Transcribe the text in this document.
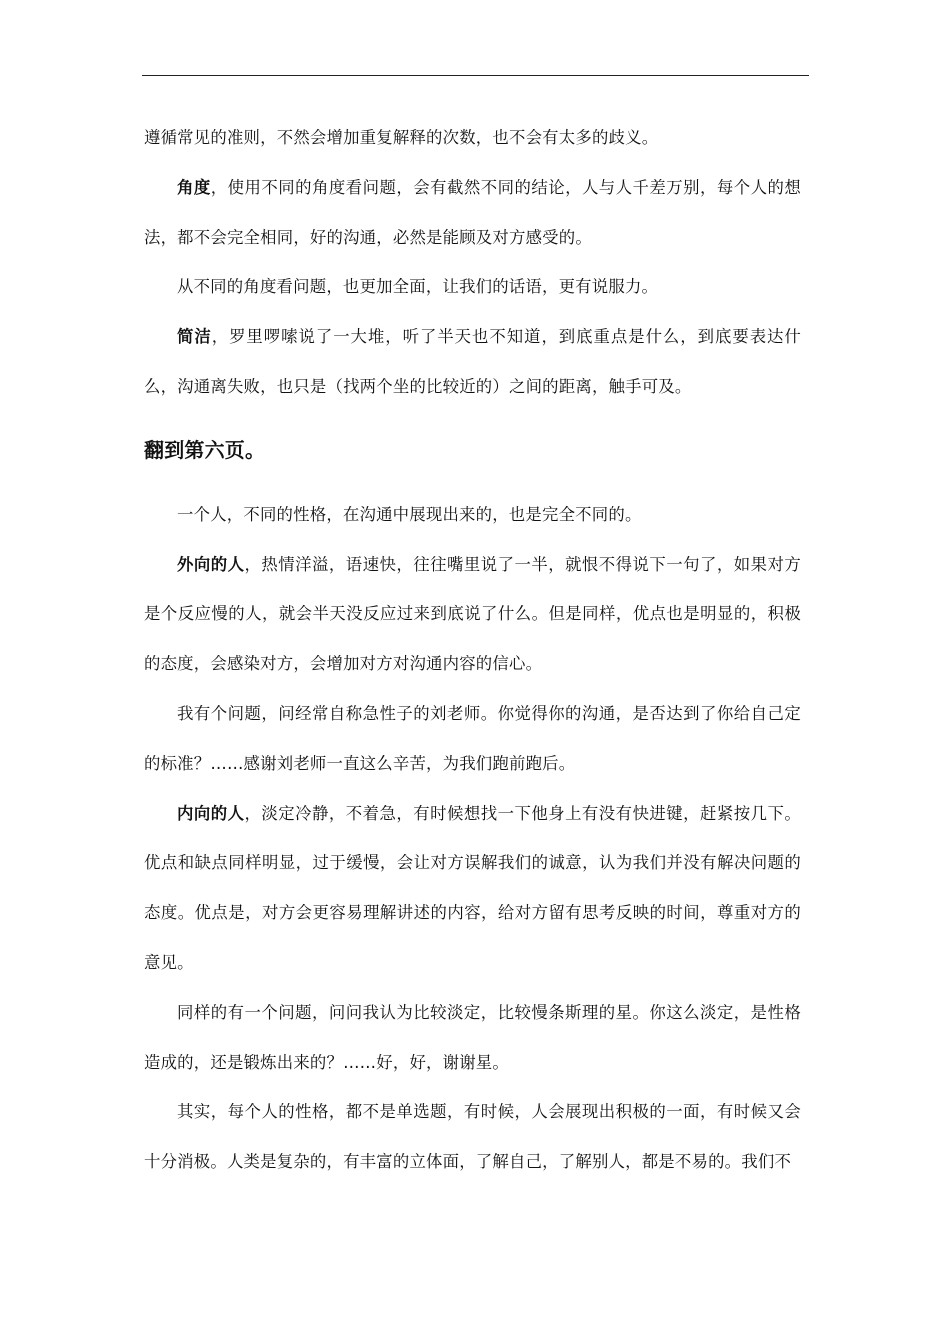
遵循常见的准则，不然会增加重复解释的次数，也不会有太多的歧义。

角度，使用不同的角度看问题，会有截然不同的结论，人与人千差万别，每个人的想法，都不会完全相同，好的沟通，必然是能顾及对方感受的。

从不同的角度看问题，也更加全面，让我们的话语，更有说服力。

简洁，罗里啰嗦说了一大堆，听了半天也不知道，到底重点是什么，到底要表达什么，沟通离失败，也只是（找两个坐的比较近的）之间的距离，触手可及。

翻到第六页。

一个人，不同的性格，在沟通中展现出来的，也是完全不同的。

外向的人，热情洋溢，语速快，往往嘴里说了一半，就恨不得说下一句了，如果对方是个反应慢的人，就会半天没反应过来到底说了什么。但是同样，优点也是明显的，积极的态度，会感染对方，会增加对方对沟通内容的信心。

我有个问题，问经常自称急性子的刘老师。你觉得你的沟通，是否达到了你给自己定的标准？……感谢刘老师一直这么辛苦，为我们跑前跑后。

内向的人，淡定冷静，不着急，有时候想找一下他身上有没有快进键，赶紧按几下。优点和缺点同样明显，过于缓慢，会让对方误解我们的诚意，认为我们并没有解决问题的态度。优点是，对方会更容易理解讲述的内容，给对方留有思考反映的时间，尊重对方的意见。

同样的有一个问题，问问我认为比较淡定，比较慢条斯理的星。你这么淡定，是性格造成的，还是锻炼出来的？……好，好，谢谢星。

其实，每个人的性格，都不是单选题，有时候，人会展现出积极的一面，有时候又会十分消极。人类是复杂的，有丰富的立体面，了解自己，了解别人，都是不易的。我们不
